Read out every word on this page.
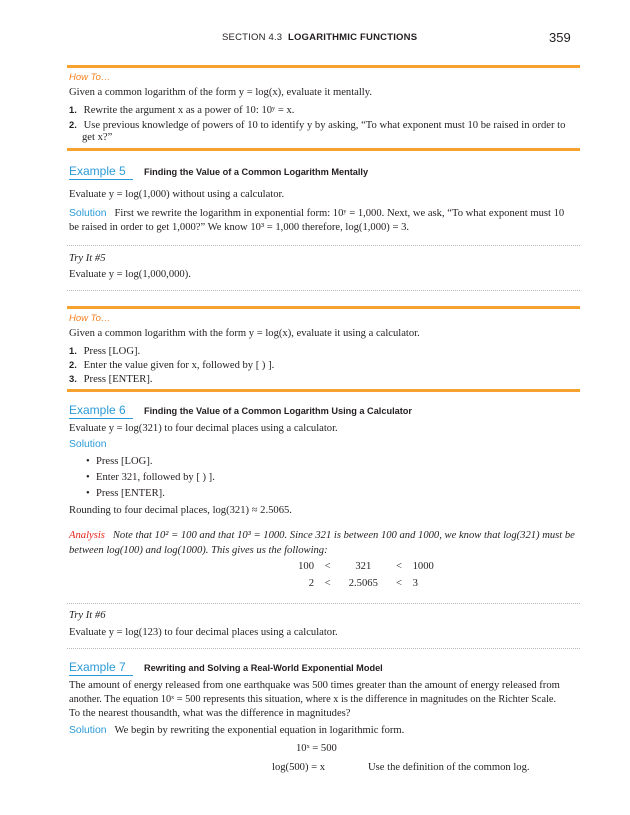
SECTION 4.3 LOGARITHMIC FUNCTIONS	359
How To…
Given a common logarithm of the form y = log(x), evaluate it mentally.
1. Rewrite the argument x as a power of 10: 10ʸ = x.
2. Use previous knowledge of powers of 10 to identify y by asking, “To what exponent must 10 be raised in order to
get x?”
Example 5 Finding the Value of a Common Logarithm Mentally
Evaluate y = log(1,000) without using a calculator.
Solution First we rewrite the logarithm in exponential form: 10ʸ = 1,000. Next, we ask, “To what exponent must 10
be raised in order to get 1,000?” We know 10³ = 1,000 therefore, log(1,000) = 3.
Try It #5
Evaluate y = log(1,000,000).
How To…
Given a common logarithm with the form y = log(x), evaluate it using a calculator.
1. Press [LOG].
2. Enter the value given for x, followed by [ ) ].
3. Press [ENTER].
Example 6 Finding the Value of a Common Logarithm Using a Calculator
Evaluate y = log(321) to four decimal places using a calculator.
Solution
• Press [LOG].
• Enter 321, followed by [ ) ].
• Press [ENTER].
Rounding to four decimal places, log(321) ≈ 2.5065.
Analysis Note that 10² = 100 and that 10³ = 1000. Since 321 is between 100 and 1000, we know that log(321) must be
between log(100) and log(1000). This gives us the following:
100 < 321 < 1000
2 < 2.5065 < 3
Try It #6
Evaluate y = log(123) to four decimal places using a calculator.
Example 7 Rewriting and Solving a Real-World Exponential Model
The amount of energy released from one earthquake was 500 times greater than the amount of energy released from
another. The equation 10ˣ = 500 represents this situation, where x is the difference in magnitudes on the Richter Scale.
To the nearest thousandth, what was the difference in magnitudes?
Solution We begin by rewriting the exponential equation in logarithmic form.
10ˣ = 500
log(500) = x	Use the definition of the common log.
